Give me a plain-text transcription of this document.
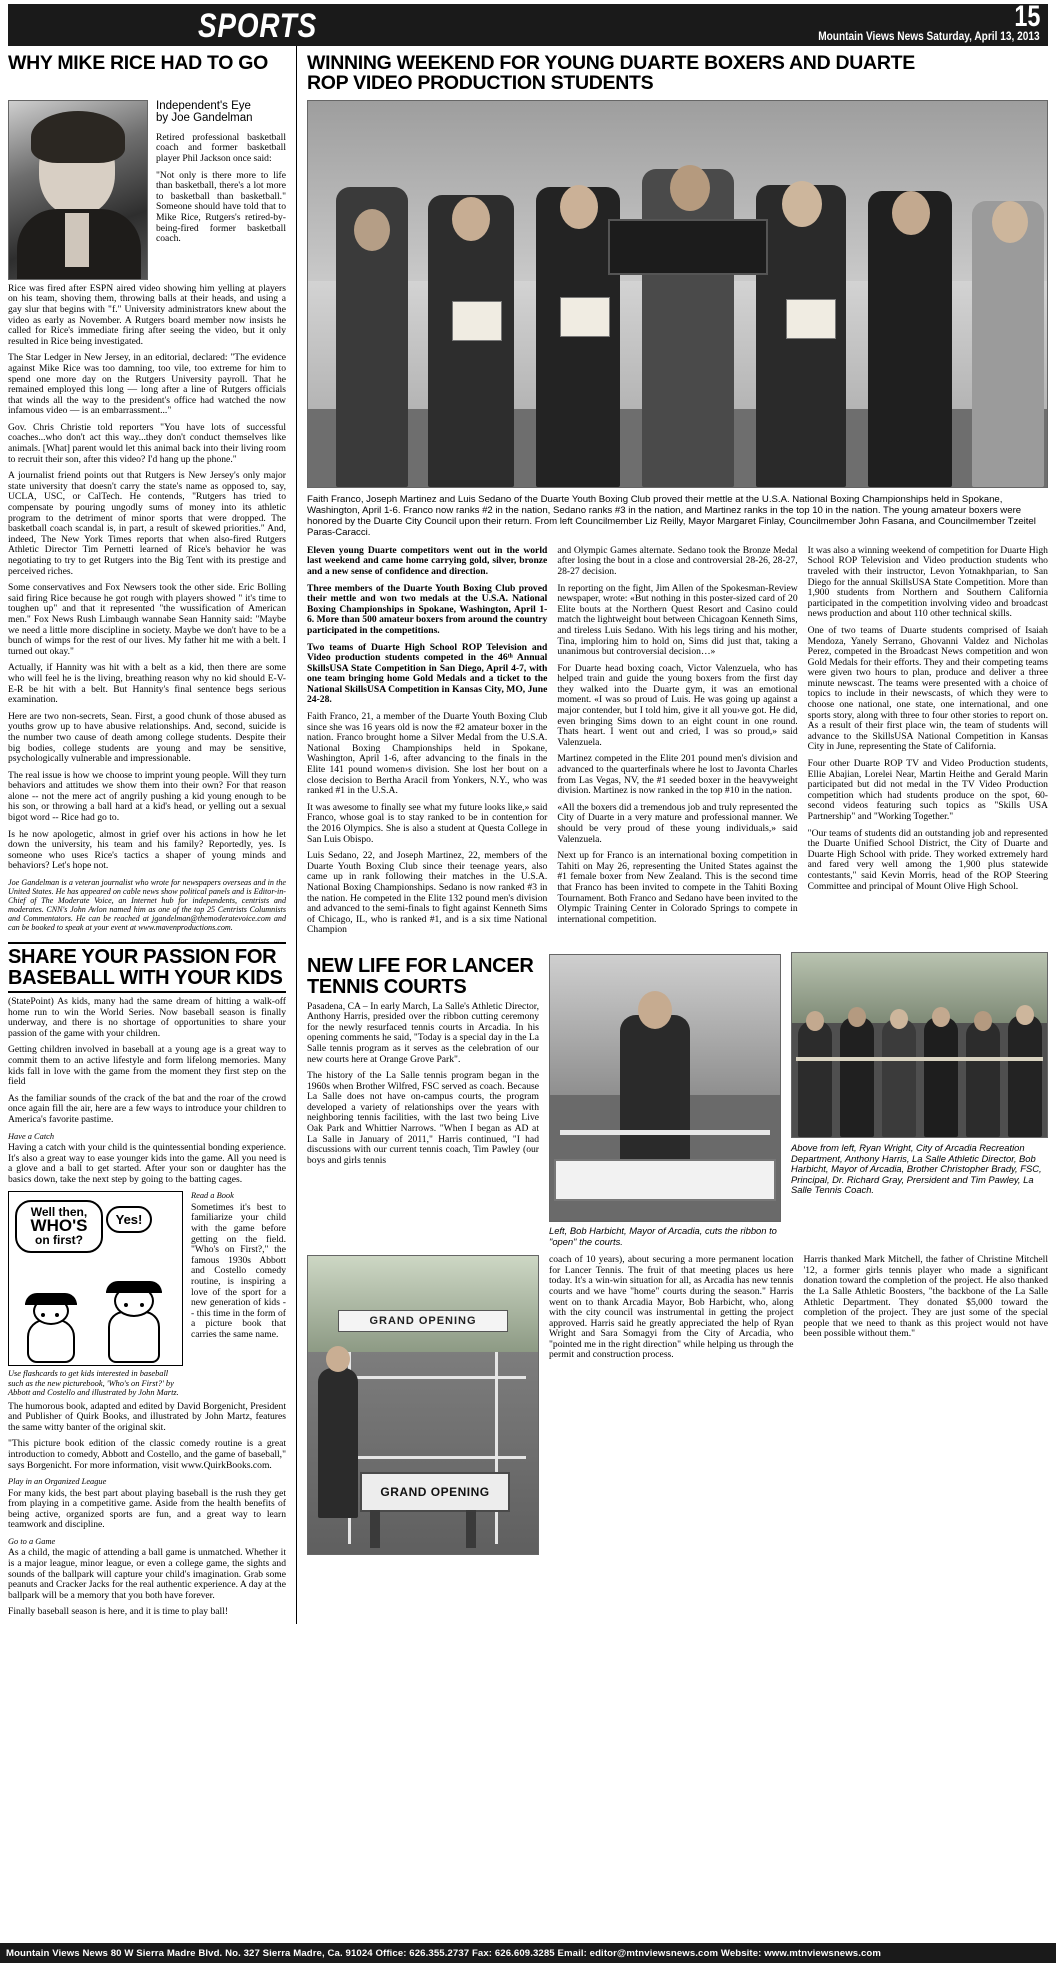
SPORTS	15
Mountain Views News Saturday, April 13, 2013
WHY MIKE RICE HAD TO GO	WINNING WEEKEND FOR YOUNG DUARTE BOXERS AND DUARTE
ROP VIDEO PRODUCTION STUDENTS
Independent's Eye
by Joe Gandelman

Retired professional basketball coach and former basketball player Phil Jackson once said:

"Not only is there more to life than basketball, there's a lot more to basketball than basketball." Someone should have told that to Mike Rice, Rutgers's retired-by-being-fired former basketball coach.

Rice was fired after ESPN aired video showing him yelling at players on his team, shoving them, throwing balls at their heads, and using a gay slur that begins with "f." University administrators knew about the video as early as November. A Rutgers board member now insists he called for Rice's immediate firing after seeing the video, but it only resulted in Rice being investigated.

The Star Ledger in New Jersey, in an editorial, declared: "The evidence against Mike Rice was too damning, too vile, too extreme for him to spend one more day on the Rutgers University payroll. That he remained employed this long — long after a line of Rutgers officials that winds all the way to the president's office had watched the now infamous video — is an embarrassment..."

Gov. Chris Christie told reporters "You have lots of successful coaches...who don't act this way...they don't conduct themselves like animals. [What] parent would let this animal back into their living room to recruit their son, after this video? I'd hang up the phone."

A journalist friend points out that Rutgers is New Jersey's only major state university that doesn't carry the state's name as opposed to, say, UCLA, USC, or CalTech. He contends, "Rutgers has tried to compensate by pouring ungodly sums of money into its athletic program to the detriment of minor sports that were dropped. The basketball coach scandal is, in part, a result of skewed priorities." And, indeed, The New York Times reports that when also-fired Rutgers Athletic Director Tim Pernetti learned of Rice's behavior he was negotiating to try to get Rutgers into the Big Tent with its prestige and perceived riches.

Some conservatives and Fox Newsers took the other side. Eric Bolling said firing Rice because he got rough with players showed " it's time to toughen up" and that it represented "the wussification of American men." Fox News Rush Limbaugh wannabe Sean Hannity said: "Maybe we need a little more discipline in society. Maybe we don't have to be a bunch of wimps for the rest of our lives. My father hit me with a belt. I turned out okay."

Actually, if Hannity was hit with a belt as a kid, then there are some who will feel he is the living, breathing reason why no kid should E-V-E-R be hit with a belt. But Hannity's final sentence begs serious examination.

Here are two non-secrets, Sean. First, a good chunk of those abused as youths grow up to have abusive relationships. And, second, suicide is the number two cause of death among college students. Despite their big bodies, college students are young and may be sensitive, psychologically vulnerable and impressionable.

The real issue is how we choose to imprint young people. Will they turn behaviors and attitudes we show them into their own? For that reason alone -- not the mere act of angrily pushing a kid young enough to be his son, or throwing a ball hard at a kid's head, or yelling out a sexual bigot word -- Rice had go to.

Is he now apologetic, almost in grief over his actions in how he let down the university, his team and his family? Reportedly, yes. Is someone who uses Rice's tactics a shaper of young minds and behaviors? Let's hope not.

Joe Gandelman is a veteran journalist who wrote for newspapers overseas and in the United States. He has appeared on cable news show political panels and is Editor-in-Chief of The Moderate Voice, an Internet hub for independents, centrists and moderates. CNN's John Avlon named him as one of the top 25 Centrists Columnists and Commentators. He can be reached at jgandelman@themoderatevoice.com and can be booked to speak at your event at www.mavenproductions.com.
SHARE YOUR PASSION FOR
BASEBALL WITH YOUR KIDS

(StatePoint) As kids, many had the same dream of hitting a walk-off home run to win the World Series. Now baseball season is finally underway, and there is no shortage of opportunities to share your passion of the game with your children.

Getting children involved in baseball at a young age is a great way to commit them to an active lifestyle and form lifelong memories. Many kids fall in love with the game from the moment they first step on the field

As the familiar sounds of the crack of the bat and the roar of the crowd once again fill the air, here are a few ways to introduce your children to America's favorite pastime.

Have a Catch

Having a catch with your child is the quintessential bonding experience. It's also a great way to ease younger kids into the game. All you need is a glove and a ball to get started. After your son or daughter has the basics down, take the next step by going to the batting cages.

Well then,
WHO'S
on first?
Yes!
Use flashcards to get kids interested in baseball such as the new picturebook, 'Who's on First?' by Abbott and Costello and illustrated by John Martz.

Read a Book

Sometimes it's best to familiarize your child with the game before getting on the field. "Who's on First?," the famous 1930s Abbott and Costello comedy routine, is inspiring a love of the sport for a new generation of kids -- this time in the form of a picture book that carries the same name.

The humorous book, adapted and edited by David Borgenicht, President and Publisher of Quirk Books, and illustrated by John Martz, features the same witty banter of the original skit.

"This picture book edition of the classic comedy routine is a great introduction to comedy, Abbott and Costello, and the game of baseball," says Borgenicht. For more information, visit www.QuirkBooks.com.

Play in an Organized League

For many kids, the best part about playing baseball is the rush they get from playing in a competitive game. Aside from the health benefits of being active, organized sports are fun, and a great way to learn teamwork and discipline.

Go to a Game

As a child, the magic of attending a ball game is unmatched. Whether it is a major league, minor league, or even a college game, the sights and sounds of the ballpark will capture your child's imagination. Grab some peanuts and Cracker Jacks for the real authentic experience. A day at the ballpark will be a memory that you both have forever.

Finally baseball season is here, and it is time to play ball!

Faith Franco, Joseph Martinez and Luis Sedano of the Duarte Youth Boxing Club proved their mettle at the U.S.A. National Boxing Championships held in Spokane, Washington, April 1-6. Franco now ranks #2 in the nation, Sedano ranks #3 in the nation, and Martinez ranks in the top 10 in the nation. The young amateur boxers were honored by the Duarte City Council upon their return. From left Councilmember Liz Reilly, Mayor Margaret Finlay, Councilmember John Fasana, and Councilmember Tzeitel Paras-Caracci.

Eleven young Duarte competitors went out in the world last weekend and came home carrying gold, silver, bronze and a new sense of confidence and direction.

Three members of the Duarte Youth Boxing Club proved their mettle and won two medals at the U.S.A. National Boxing Championships in Spokane, Washington, April 1-6. More than 500 amateur boxers from around the country participated in the competitions.

Two teams of Duarte High School ROP Television and Video production students competed in the 46ᵗʰ Annual SkillsUSA State Competition in San Diego, April 4-7, with one team bringing home Gold Medals and a ticket to the National SkillsUSA Competition in Kansas City, MO, June 24-28.

Faith Franco, 21, a member of the Duarte Youth Boxing Club since she was 16 years old is now the #2 amateur boxer in the nation. Franco brought home a Silver Medal from the U.S.A. National Boxing Championships held in Spokane, Washington, April 1-6, after advancing to the finals in the Elite 141 pound women›s division. She lost her bout on a close decision to Bertha Aracil from Yonkers, N.Y., who was ranked #1 in the U.S.A.

It was awesome to finally see what my future looks like,» said Franco, whose goal is to stay ranked to be in contention for the 2016 Olympics. She is also a student at Questa College in San Luis Obispo.

Luis Sedano, 22, and Joseph Martinez, 22, members of the Duarte Youth Boxing Club since their teenage years, also came up in rank following their matches in the U.S.A. National Boxing Championships. Sedano is now ranked #3 in the nation. He competed in the Elite 132 pound men's division and advanced to the semi-finals to fight against Kenneth Sims of Chicago, IL, who is ranked #1, and is a six time National Champion

and Olympic Games alternate. Sedano took the Bronze Medal after losing the bout in a close and controversial 28-26, 28-27, 28-27 decision.

In reporting on the fight, Jim Allen of the Spokesman-Review newspaper, wrote: «But nothing in this poster-sized card of 20 Elite bouts at the Northern Quest Resort and Casino could match the lightweight bout between Chicagoan Kenneth Sims, and tireless Luis Sedano. With his legs tiring and his mother, Tina, imploring him to hold on, Sims did just that, taking a unanimous but controversial decision…»

For Duarte head boxing coach, Victor Valenzuela, who has helped train and guide the young boxers from the first day they walked into the Duarte gym, it was an emotional moment. «I was so proud of Luis. He was going up against a major contender, but I told him, give it all you›ve got. He did, even bringing Sims down to an eight count in one round. Thats heart. I went out and cried, I was so proud,» said Valenzuela.

Martinez competed in the Elite 201 pound men's division and advanced to the quarterfinals where he lost to Javonta Charles from Las Vegas, NV, the #1 seeded boxer in the heavyweight division. Martinez is now ranked in the top #10 in the nation.

«All the boxers did a tremendous job and truly represented the City of Duarte in a very mature and professional manner. We should be very proud of these young individuals,» said Valenzuela.

Next up for Franco is an international boxing competition in Tahiti on May 26, representing the United States against the #1 female boxer from New Zealand. This is the second time that Franco has been invited to compete in the Tahiti Boxing Tournament. Both Franco and Sedano have been invited to the Olympic Training Center in Colorado Springs to compete in international competition.

It was also a winning weekend of competition for Duarte High School ROP Television and Video production students who traveled with their instructor, Levon Yotnakhparian, to San Diego for the annual SkillsUSA State Competition. More than 1,900 students from Northern and Southern California participated in the competition involving video and broadcast news production and about 110 other technical skills.

One of two teams of Duarte students comprised of Isaiah Mendoza, Yanely Serrano, Ghovanni Valdez and Nicholas Perez, competed in the Broadcast News competition and won Gold Medals for their efforts. They and their competing teams were given two hours to plan, produce and deliver a three minute newscast. The teams were presented with a choice of topics to include in their newscasts, of which they were to choose one national, one state, one international, and one sports story, along with three to four other stories to report on. As a result of their first place win, the team of students will advance to the SkillsUSA National Competition in Kansas City in June, representing the State of California.

Four other Duarte ROP TV and Video Production students, Ellie Abajian, Lorelei Near, Martin Heithe and Gerald Marin participated but did not medal in the TV Video Production competition which had students produce on the spot, 60-second videos featuring such topics as "Skills USA Partnership" and "Working Together."

"Our teams of students did an outstanding job and represented the Duarte Unified School District, the City of Duarte and Duarte High School with pride. They worked extremely hard and fared very well among the 1,900 plus statewide contestants," said Kevin Morris, head of the ROP Steering Committee and principal of Mount Olive High School.

NEW LIFE FOR LANCER
TENNIS COURTS

Pasadena, CA – In early March, La Salle's Athletic Director, Anthony Harris, presided over the ribbon cutting ceremony for the newly resurfaced tennis courts in Arcadia. In his opening comments he said, "Today is a special day in the La Salle tennis program as it serves as the celebration of our new courts here at Orange Grove Park".

The history of the La Salle tennis program began in the 1960s when Brother Wilfred, FSC served as coach. Because La Salle does not have on-campus courts, the program developed a variety of relationships over the years with neighboring tennis facilities, with the last two being Live Oak Park and Whittier Narrows. "When I began as AD at La Salle in January of 2011," Harris continued, "I had discussions with our current tennis coach, Tim Pawley (our boys and girls tennis

Left, Bob Harbicht, Mayor of Arcadia, cuts the ribbon to "open" the courts.
Above from left, Ryan Wright, City of Arcadia Recreation Department, Anthony Harris, La Salle Athletic Director, Bob Harbicht, Mayor of Arcadia, Brother Christopher Brady, FSC, Principal, Dr. Richard Gray, Prersident and Tim Pawley, La Salle Tennis Coach.
GRAND OPENING
GRAND OPENING

coach of 10 years), about securing a more permanent location for Lancer Tennis. The fruit of that meeting places us here today. It's a win-win situation for all, as Arcadia has new tennis courts and we have "home" courts during the season." Harris went on to thank Arcadia Mayor, Bob Harbicht, who, along with the city council was instrumental in getting the project approved. Harris said he greatly appreciated the help of Ryan Wright and Sara Somagyi from the City of Arcadia, who "pointed me in the right direction" while helping us through the permit and construction process.

Harris thanked Mark Mitchell, the father of Christine Mitchell '12, a former girls tennis player who made a significant donation toward the completion of the project. He also thanked the La Salle Athletic Boosters, "the backbone of the La Salle Athletic Department. They donated $5,000 toward the completion of the project. They are just some of the special people that we need to thank as this project would not have been possible without them."

Mountain Views News 80 W Sierra Madre Blvd. No. 327 Sierra Madre, Ca. 91024 Office: 626.355.2737 Fax: 626.609.3285 Email: editor@mtnviewsnews.com Website: www.mtnviewsnews.com
